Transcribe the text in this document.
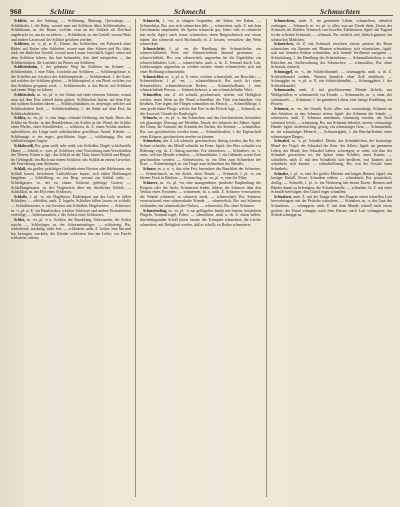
968	Schlitte	Schmecht	Schmuchten

Schlitte, an der Saltung; — Schlittung, Muttung, Querstange; — Schlittbahn, f. die Bahn, worauf man mit Schlitten fährt; Schlittenbahn; — Schlittbaum, m. der Baum, welcher vorn an der Schlitte als Deichsel angebracht ist, um sie zu ziehen; — Schlittbock, m. ein Gestell, worauf Holz und andere Lasten auf der Schlitte gefahren werden;

Schlitten, m. -s, pl. w. E., Dimin. das Schlittchen, ein Fuhrwerk ohne Räder, auf Kufen oder Schleifen, womit man über Schnee und Eis fährt; auch ein ähnliches Gestell, worauf man Lasten fortschafft; figürl. einen mit dem Schlitten fahren, ihn hart behandeln, ihm übel mitspielen; — das Schlittenfahren, die Lustfahrt im Winter auf Schlitten;

Schlittenbahn, f. der gebahnte Weg für Schlitten im Schnee; — Schlittenfahrt, f. eine Fahrt, Lustfahrt auf Schlitten; — Schlittengeläute, n. die Schellen am Geschirr der Schlittenpferde; — Schlittenkufe, f. die Kufe, auf welcher der Schlitten gleitet; — Schlittenpferd, n. ein Pferd, welches vor den Schlitten gespannt wird; — Schlittenrecht, n. das Recht, mit Schlitten auf einem Wege zu fahren;

Schlittschuh, m. -es, pl. -e, ein Schuh mit einer eisernen Schiene, womit man auf dem Eise schnell dahin gleitet; Schlittschuh laufen, auf dem Eise mit solchen Schuhen fahren; — Schlittschuhläufer, m. derjenige, welcher auf Schlittschuhen läuft; — Schlittschuhbahn, f. die Bahn auf dem Eise für Schlittschuhläufer;

Schlitz, m. -es, pl. -e, eine lange, schmale Oeffnung, ein Spalt, Ritze; der Schlitz im Rocke, in den Beinkleidern; ein Schlitz in der Wand; der Schlitz eines Pfeiles, einer Schreibfeder; — schlitzen, th. Z. einen Schlitz machen, aufschlitzen, der Länge nach aufschneiden; geschlitzte Ärmel, Kleider; — Schlitzauge, n. ein enges, geschlitztes Auge; — schlitzäugig, Bw. mit schlitzförmigen Augen;

Schlohweiß, Bw. ganz weiß, sehr weiß, wie Schloßen, Hagel; schlohweiße Haare; — Schloß, n. -sses, pl. Schlösser, eine Vorrichtung zum Verschließen der Thüren, Kisten u. dgl.; das Schloß an der Thür; hinter Schloß und Riegel, im Gefängniß; ein Buch mit einem Schlosse; das Schloß an einem Gewehre, die Vorrichtung zum Abfeuern;

Schloß, ein großes, prächtiges Gebäude eines Fürsten oder Edelmanns; ein Schloß bauen, bewohnen; Luftschlösser bauen, sich eitlen Hoffnungen hingeben; — Schloßberg, m. ein Berg, worauf ein Schloß steht; — Schloßgarten, m. der zu einem Schlosse gehörige Garten; — Schloßhauptmann, m. der Vorgesetzte über ein fürstliches Schloß; — Schloßhof, m. der Hof eines Schlosses;

Schloße, f. pl. -n, ein Hagelkorn, Eisklumpen aus der Luft; es fallen Schloßen; — schloßen, unth. Z. hageln, Schloßen fallen lassen; es schloßt; — Schloßenwetter, n. ein Gewitter mit Schloßen, Hagelwetter; — Schlosser, m. -s, pl. w. E. ein Handwerker, welcher Schlösser und andere Eisenarbeiten verfertigt; — Schlosserarbeit, f. die Arbeit eines Schlossers;

Schlot, m. -es, pl. -e u. Schlöte, der Rauchfang, Schornstein; der Schlot raucht; — Schlotfeger, m. der Schornsteinfeger; — schlotterig, Bw. schlotternd, wackelig, nicht fest; — schlottern, unth. Z. locker, lose hin und her bewegen, wackeln; die Kleider schlottern ihm am Leibe; vor Furcht schlottern, zittern;

Schmecht, f. -en, in einigen Gegenden, die Sahne, der Rahm; — Schmeckbar, Bw. was sich schmecken läßt; — schmecken, unth. Z. mit dem Geschmacke empfinden; die Speise schmeckt gut, bitter, süß; es schmeckt mir nicht; figürl. nach etwas schmecken, einen Beigeschmack von etwas haben; das schmeckt nach Hochmuth; th. Z. kosten, versuchen; den Wein schmecken;

Schmeichelei, f. pl. -en, die Handlung des Schmeichelns, ein schmeichelhaftes Wort; mit Schmeicheleien Jemand gewinnen; — schmeichelhaft, Bw. was schmeichelt, angenehm für die Eigenliebe; ein schmeichelhaftes Lob; — schmeicheln, unth. u. th. Z. Jemand durch Lob, Liebkosungen angenehm zu werden suchen; einem schmeicheln; sich mit einer Hoffnung schmeicheln;

Schmeichler, m. -s, pl. w. E. einer, welcher schmeichelt, ein Heuchler; — Schmeichlerin, f. pl. -en; — schmeichlerisch, Bw. nach Art eines Schmeichlers; schmeichlerische Reden; — Schmeichelkatze, f. eine schmeichelnde Person; — Schmeichelwort, n. ein schmeichelndes Wort;

Schmeißen, unr. Z. ich schmiß, geschmissen, werfen, mit Heftigkeit werfen; einen Stein an die Wand schmeißen; die Thür zuschmeißen; von Insekten, Eier legen; die Fliegen schmeißen ins Fleisch; — Schmeißfliege, f. eine große blaue Fliege, welche ihre Eier in das Fleisch legt; — Schmeiß, m. der Auswurf, Unrath der Raubvögel;

Schmelz, m. -es, pl. -e, das Schmelzen und das Geschmolzene, besonders ein glasartiger Überzug auf Metallen, Email; der Schmelz der Zähne; figürl. der Glanz, die Anmuth; der Schmelz der Farben, der Stimme; — schmelzbar, Bw. was geschmolzen werden kann; — Schmelzbarkeit, f. die Eigenschaft eines Körpers, geschmolzen werden zu können;

Schmelzen, unr. Z. ich schmolz, geschmolzen, flüssig werden; das Eis, der Schnee schmilzt; das Metall schmilzt im Feuer; figürl. das Herz schmilzt vor Rührung; reg. th. Z. flüssig machen; Erz schmelzen; — Schmelzer, m. -s, einer, welcher Metalle schmilzt; — Schmelzhütte, f. ein Gebäude, worin Erze geschmolzen werden; — Schmelzofen, m. ein Ofen zum Schmelzen der Erze; — Schmelztiegel, m. ein Tiegel zum Schmelzen der Metalle;

Schmer, m. u. n. -s, das rohe Fett, besonders das Bauchfett der Schweine; — Schmerbauch, m. ein dicker, fetter Bauch; — Schmerle, f. pl. -n, ein kleiner Fisch in Bächen; — Schmerling, m. -es, pl. -e, eine Art Pilze;

Schmerz, m. -es, pl. -en, eine unangenehme, peinliche Empfindung des Körpers oder der Seele; Schmerzen leiden, fühlen; der Schmerz über den Verlust eines Freundes; — schmerzen, th. u. unth. Z. Schmerz verursachen; die Wunde schmerzt; es schmerzt mich; — schmerzhaft, Bw. Schmerz verursachend; eine schmerzhafte Wunde; — schmerzlich, Bw. mit Schmerz verbunden; ein schmerzlicher Verlust; — schmerzlos, Bw. ohne Schmerz;

Schmetterling, m. -es, pl. -e, ein geflügeltes Insekt mit bunten, bestäubten Flügeln, Sommervogel, Falter; — schmettern, unth. u. th. Z. einen hellen, durchdringenden Schall hören lassen; die Trompete schmettert; die Lerche schmettert; mit Heftigkeit werfen, daß es schallt; zu Boden schmettern;

Schmuchten, unth. Z. im gemeinen Leben, schmachten, sehnlich verlangen; — Schmuck, m. -es, pl. -e, alles, was zur Zierde dient, Zierat; der Schmuck der Kleider; Schmuck von Juwelen, Edelsteinen; figürl. die Tugend ist der schönste Schmuck; — schmuck, Bw. zierlich, nett, hübsch geputzt; ein schmuckes Mädchen;

Schmücken, th. Z. mit Schmuck versehen, zieren, putzen; die Braut schmücken; ein Zimmer mit Blumen schmücken; sich schmücken; figürl. sich mit fremden Federn schmücken, sich fremde Verdienste zueignen; — Schmückung, f. die Handlung des Schmückens; — Schmuckkästchen, n. ein Kästchen zur Aufbewahrung des Schmuckes; — schmucklos, Bw. ohne Schmuck, einfach;

Schmuggel, m. -s, der Schleichhandel; — schmuggeln, unth. u. th. Z. Schleichhandel treiben, Waaren heimlich ohne Zoll einführen; — Schmuggler, m. -s, pl. w. E. ein Schleichhändler; — Schmugglerei, f. der Schleichhandel;

Schmunzeln, unth. Z. mit geschlossenem Munde lächeln, aus Wohlgefallen; er schmunzelte vor Freude; — Schmunzler, m. -s, einer, der schmunzelt; — Schmurre, f. im gemeinen Leben, eine lustige Erzählung, ein Possen;

Schmutz, m. -es, der Unrath, Koth, alles, was verunreinigt; Schmutz an den Schuhen; in den Schmutz treten; figürl. der Schmutz der Sünde; — schmutzen, unth. Z. Schmutz annehmen, schmutzig werden; der Stoff schmutzt leicht; — schmutzig, Bw. mit Schmutz behaftet, unrein; schmutzige Hände; figürl. niederträchtig, geizig; ein schmutziger Geiz; — Schmutzfink, m. ein schmutziger Mensch; — Schmutzigkeit, f. die Beschaffenheit eines schmutzigen Dinges;

Schnabel, m. -s, pl. Schnäbel, Dimin. das Schnäbelchen, der hornartige Mund der Vögel; der Schnabel der Ente, des Adlers; figürl. im gemeinen Leben, der Mund; den Schnabel halten, schweigen; er redet, wie ihm der Schnabel gewachsen ist; die Spitze eines Schiffes, einer Kanne; — schnäbeln, unth. Z. mit den Schnäbeln sich berühren, von Tauben; sich schnäbeln, sich küssen; — schnabelförmig, Bw. von der Gestalt eines Schnabels;

Schnake, f. pl. -n, eine Art großer Mücken mit langen Beinen; figürl. ein lustiger Einfall, Posse; Schnaken reißen; — schnakisch, Bw. possierlich, drollig; — Schnalle, f. pl. -n, ein Werkzeug mit einem Dorne, Riemen und Bänder damit zu befestigen; die Schuhschnalle; — schnallen, th. Z. mit einer Schnalle befestigen; den Gürtel enger schnallen;

Schnalzen, unth. Z. mit der Zunge oder den Fingern einen schnellen Laut hervorbringen; mit der Peitsche schnalzen; — Schnalzer, m. -s, der Laut des Schnalzens; — schnappen, unth. Z. mit dem Munde schnell nach etwas greifen; der Hund schnappt nach dem Bissen; nach Luft schnappen; das Schloß schnappt zu;
